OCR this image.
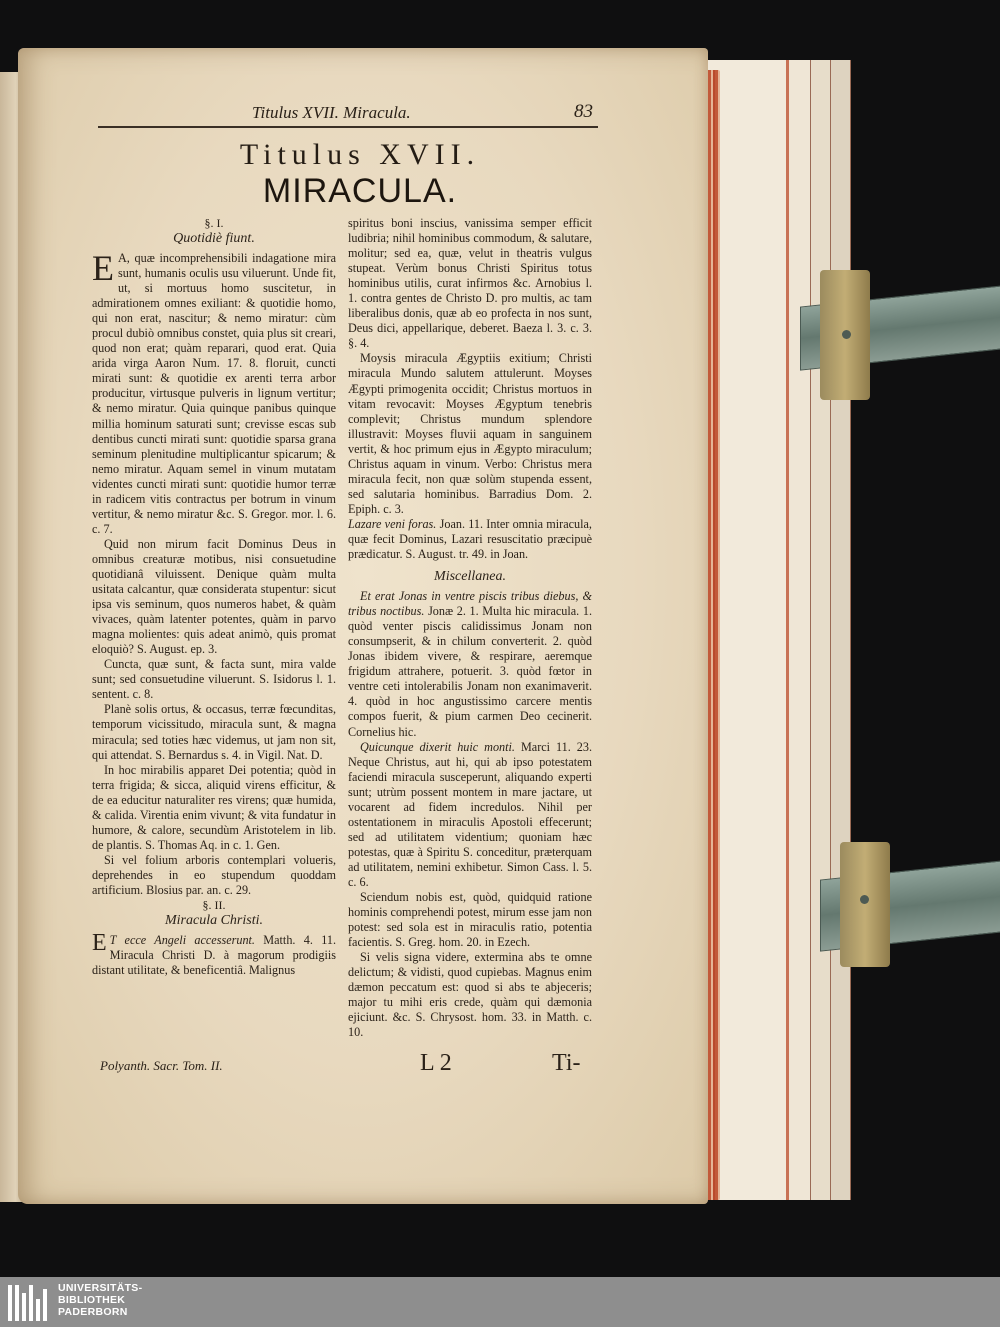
Titulus XVII. Miracula.	83
Titulus XVII.
MIRACULA.
§. I.
Quotidiè fiunt.

E A, quæ incomprehensibili indagatione mira sunt, humanis oculis usu viluerunt. Unde fit, ut, si mortuus homo suscitetur, in admirationem omnes exiliant: & quotidie homo, qui non erat, nascitur; & nemo miratur: cùm procul dubiò omnibus constet, quia plus sit creari, quod non erat; quàm reparari, quod erat. Quia arida virga Aaron Num. 17. 8. floruit, cuncti mirati sunt: & quotidie ex arenti terra arbor producitur, virtusque pulveris in lignum vertitur; & nemo miratur. Quia quinque panibus quinque millia hominum saturati sunt; crevisse escas sub dentibus cuncti mirati sunt: quotidie sparsa grana seminum plenitudine multiplicantur spicarum; & nemo miratur. Aquam semel in vinum mutatam videntes cuncti mirati sunt: quotidie humor terræ in radicem vitis contractus per botrum in vinum vertitur, & nemo miratur &c. S. Gregor. mor. l. 6. c. 7.

Quid non mirum facit Dominus Deus in omnibus creaturæ motibus, nisi consuetudine quotidianâ viluissent. Denique quàm multa usitata calcantur, quæ considerata stupentur: sicut ipsa vis seminum, quos numeros habet, & quàm vivaces, quàm latenter potentes, quàm in parvo magna molientes: quis adeat animò, quis promat eloquiò? S. August. ep. 3.

Cuncta, quæ sunt, & facta sunt, mira valde sunt; sed consuetudine viluerunt. S. Isidorus l. 1. sentent. c. 8.

Planè solis ortus, & occasus, terræ fœcunditas, temporum vicissitudo, miracula sunt, & magna miracula; sed toties hæc videmus, ut jam non sit, qui attendat. S. Bernardus s. 4. in Vigil. Nat. D.

In hoc mirabilis apparet Dei potentia; quòd in terra frigida; & sicca, aliquid virens efficitur, & de ea educitur naturaliter res virens; quæ humida, & calida. Virentia enim vivunt; & vita fundatur in humore, & calore, secundùm Aristotelem in lib. de plantis. S. Thomas Aq. in c. 1. Gen.

Si vel folium arboris contemplari volueris, deprehendes in eo stupendum quoddam artificium. Blosius par. an. c. 29.

§. II.
Miracula Christi.

E T ecce Angeli accesserunt. Matth. 4. 11. Miracula Christi D. à magorum prodigiis distant utilitate, & beneficentiâ. Malignus

spiritus boni inscius, vanissima semper efficit ludibria; nihil hominibus commodum, & salutare, molitur; sed ea, quæ, velut in theatris vulgus stupeat. Verùm bonus Christi Spiritus totus hominibus utilis, curat infirmos &c. Arnobius l. 1. contra gentes de Christo D. pro multis, ac tam liberalibus donis, quæ ab eo profecta in nos sunt, Deus dici, appellarique, deberet. Baeza l. 3. c. 3. §. 4.

Moysis miracula Ægyptiis exitium; Christi miracula Mundo salutem attulerunt. Moyses Ægypti primogenita occidit; Christus mortuos in vitam revocavit: Moyses Ægyptum tenebris complevit; Christus mundum splendore illustravit: Moyses fluvii aquam in sanguinem vertit, & hoc primum ejus in Ægypto miraculum; Christus aquam in vinum. Verbo: Christus mera miracula fecit, non quæ solùm stupenda essent, sed salutaria hominibus. Barradius Dom. 2. Epiph. c. 3.

Lazare veni foras. Joan. 11. Inter omnia miracula, quæ fecit Dominus, Lazari resuscitatio præcipuè prædicatur. S. August. tr. 49. in Joan.

Miscellanea.

Et erat Jonas in ventre piscis tribus diebus, & tribus noctibus. Jonæ 2. 1. Multa hic miracula. 1. quòd venter piscis calidissimus Jonam non consumpserit, & in chilum converterit. 2. quòd Jonas ibidem vivere, & respirare, aeremque frigidum attrahere, potuerit. 3. quòd fœtor in ventre ceti intolerabilis Jonam non exanimaverit. 4. quòd in hoc angustissimo carcere mentis compos fuerit, & pium carmen Deo cecinerit. Cornelius hic.

Quicunque dixerit huic monti. Marci 11. 23. Neque Christus, aut hi, qui ab ipso potestatem faciendi miracula susceperunt, aliquando experti sunt; utrùm possent montem in mare jactare, ut vocarent ad fidem incredulos. Nihil per ostentationem in miraculis Apostoli effecerunt; sed ad utilitatem videntium; quoniam hæc potestas, quæ à Spiritu S. conceditur, præterquam ad utilitatem, nemini exhibetur. Simon Cass. l. 5. c. 6.

Sciendum nobis est, quòd, quidquid ratione hominis comprehendi potest, mirum esse jam non potest: sed sola est in miraculis ratio, potentia facientis. S. Greg. hom. 20. in Ezech.

Si velis signa videre, extermina abs te omne delictum; & vidisti, quod cupiebas. Magnus enim dæmon peccatum est: quod si abs te abjeceris; major tu mihi eris crede, quàm qui dæmonia ejiciunt. &c. S. Chrysost. hom. 33. in Matth. c. 10.

Polyanth. Sacr. Tom. II.	L 2	Ti-
UNIVERSITÄTS-
BIBLIOTHEK
PADERBORN
